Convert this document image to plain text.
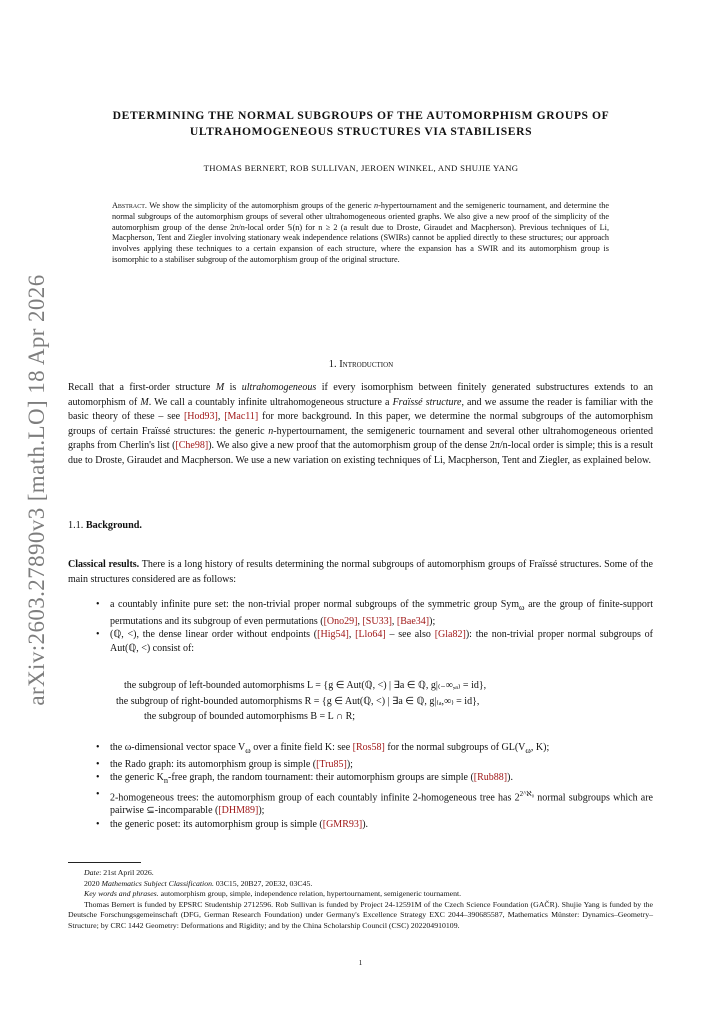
arXiv:2603.27890v3 [math.LO] 18 Apr 2026
DETERMINING THE NORMAL SUBGROUPS OF THE AUTOMORPHISM GROUPS OF
ULTRAHOMOGENEOUS STRUCTURES VIA STABILISERS
THOMAS BERNERT, ROB SULLIVAN, JEROEN WINKEL, AND SHUJIE YANG
Abstract. We show the simplicity of the automorphism groups of the generic n-hypertournament and the semigeneric tournament, and determine the normal subgroups of the automorphism groups of several other ultrahomogeneous oriented graphs. We also give a new proof of the simplicity of the automorphism group of the dense 2π/n-local order 𝕊(n) for n ≥ 2 (a result due to Droste, Giraudet and Macpherson). Previous techniques of Li, Macpherson, Tent and Ziegler involving stationary weak independence relations (SWIRs) cannot be applied directly to these structures; our approach involves applying these techniques to a certain expansion of each structure, where the expansion has a SWIR and its automorphism group is isomorphic to a stabiliser subgroup of the automorphism group of the original structure.
1. Introduction
Recall that a first-order structure M is ultrahomogeneous if every isomorphism between finitely generated substructures extends to an automorphism of M. We call a countably infinite ultrahomogeneous structure a Fraïssé structure, and we assume the reader is familiar with the basic theory of these – see [Hod93], [Mac11] for more background. In this paper, we determine the normal subgroups of the automorphism groups of certain Fraïssé structures: the generic n-hypertournament, the semigeneric tournament and several other ultrahomogeneous oriented graphs from Cherlin's list ([Che98]). We also give a new proof that the automorphism group of the dense 2π/n-local order is simple; this is a result due to Droste, Giraudet and Macpherson. We use a new variation on existing techniques of Li, Macpherson, Tent and Ziegler, as explained below.
1.1. Background.
Classical results. There is a long history of results determining the normal subgroups of automorphism groups of Fraïssé structures. Some of the main structures considered are as follows:
• a countably infinite pure set: the non-trivial proper normal subgroups of the symmetric group Sym$_\omega$ are the group of finite-support permutations and its subgroup of even permutations ([Ono29], [SU33], [Bae34]);
• (ℚ, <), the dense linear order without endpoints ([Hig54], [Llo64] – see also [Gla82]): the non-trivial proper normal subgroups of Aut(ℚ, <) consist of:
the subgroup of left-bounded automorphisms L = {g ∈ Aut(ℚ, <) | ∃a ∈ ℚ, g|₍₋∞,ₐ₎ = id},
the subgroup of right-bounded automorphisms R = {g ∈ Aut(ℚ, <) | ∃a ∈ ℚ, g|₍ₐ,∞₎ = id},
the subgroup of bounded automorphisms B = L ∩ R;
• the ω-dimensional vector space $V_\omega$ over a finite field K: see [Ros58] for the normal subgroups of $GL(V_\omega$, K);
• the Rado graph: its automorphism group is simple ([Tru85]);
• the generic $K_n$-free graph, the random tournament: their automorphism groups are simple ([Rub88]).
• 2-homogeneous trees: the automorphism group of each countably infinite 2-homogeneous tree has $2^{2\^{}ℵ_0}$ normal subgroups which are pairwise ⊆-incomparable ([DHM89]);
• the generic poset: its automorphism group is simple ([GMR93]).
Date: 21st April 2026.
2020 Mathematics Subject Classification. 03C15, 20B27, 20E32, 03C45.
Key words and phrases. automorphism group, simple, independence relation, hypertournament, semigeneric tournament.
Thomas Bernert is funded by EPSRC Studentship 2712596. Rob Sullivan is funded by Project 24-12591M of the Czech Science Foundation (GAČR). Shujie Yang is funded by the Deutsche Forschungsgemeinschaft (DFG, German Research Foundation) under Germany's Excellence Strategy EXC 2044–390685587, Mathematics Münster: Dynamics–Geometry–Structure; by CRC 1442 Geometry: Deformations and Rigidity; and by the China Scholarship Council (CSC) 202204910109.
1
